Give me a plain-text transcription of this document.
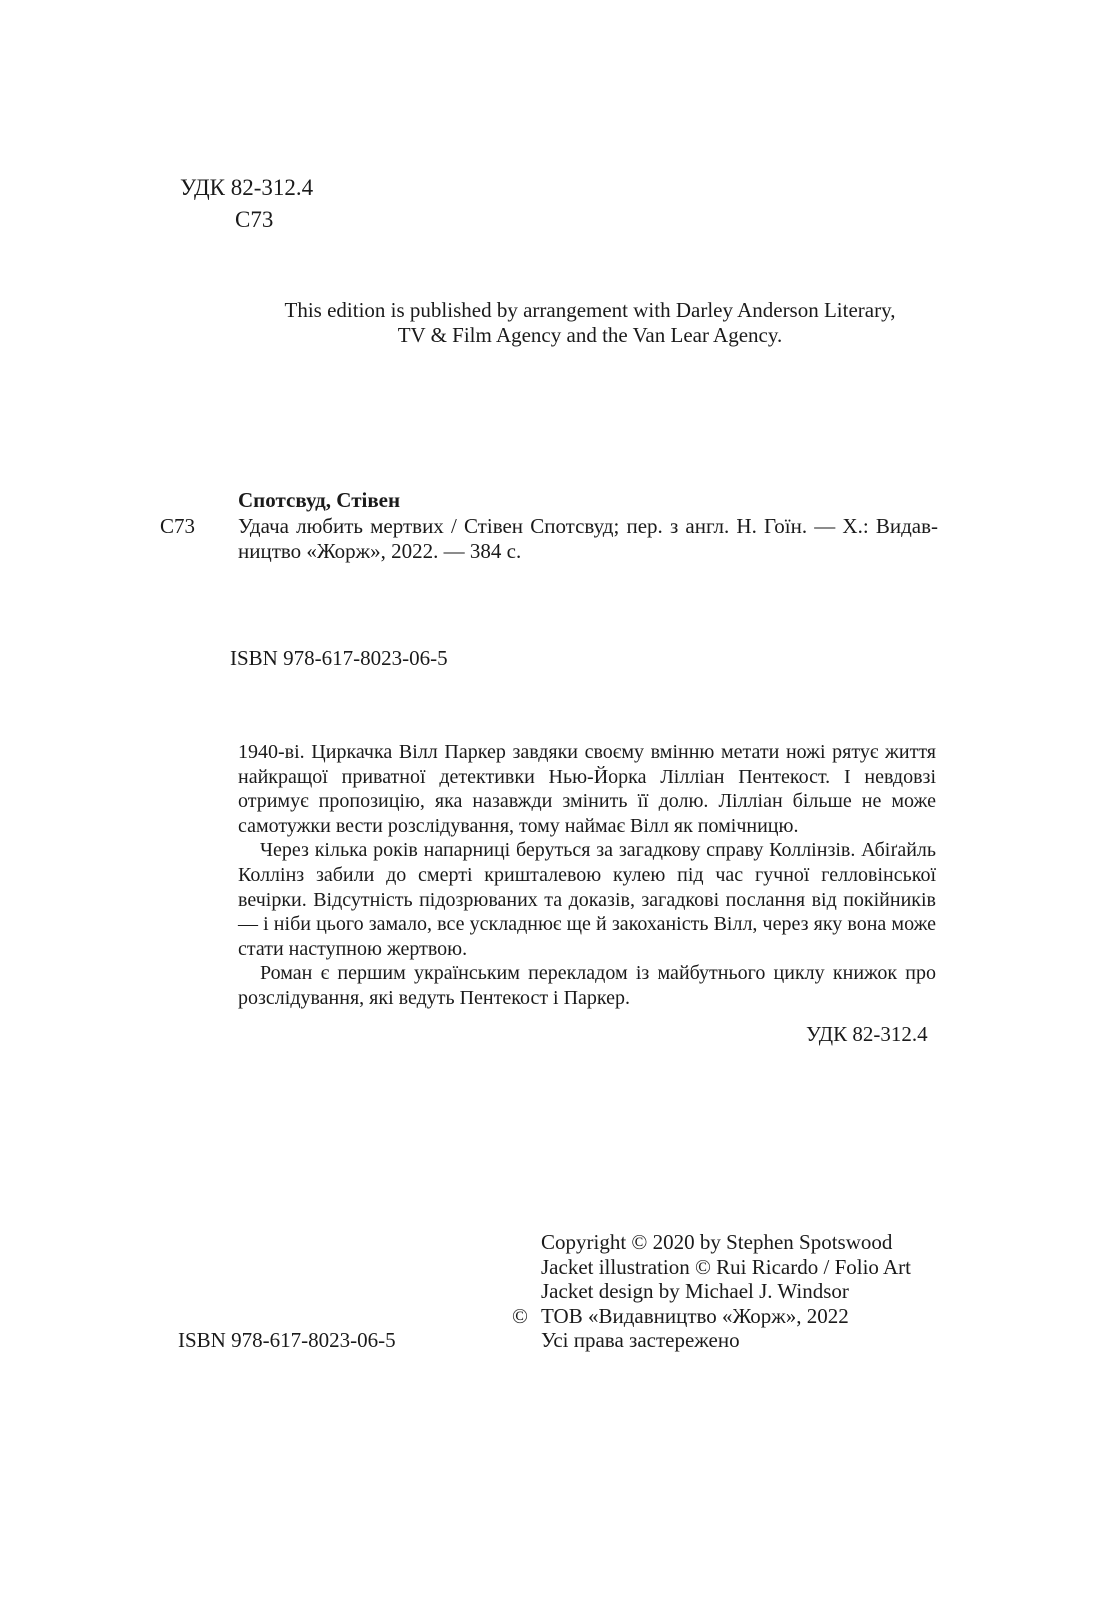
УДК 82-312.4
С73
This edition is published by arrangement with Darley Anderson Literary,
TV & Film Agency and the Van Lear Agency.
Спотсвуд, Стівен
С73 Удача любить мертвих / Стівен Спотсвуд; пер. з англ. Н. Гоїн. — Х.: Видавництво «Жорж», 2022. — 384 с.
ISBN 978-617-8023-06-5

1940-ві. Циркачка Вілл Паркер завдяки своєму вмінню метати ножі рятує життя найкращої приватної детективки Нью-Йорка Лілліан Пентекост. І невдовзі отримує пропозицію, яка назавжди змінить її долю. Лілліан більше не може самотужки вести розслідування, тому наймає Вілл як помічницю.

Через кілька років напарниці беруться за загадкову справу Коллінзів. Абіґайль Коллінз забили до смерті кришталевою кулею під час гучної гелловінської вечірки. Відсутність підозрюваних та доказів, загадкові послання від покійників — і ніби цього замало, все ускладнює ще й закоханість Вілл, через яку вона може стати наступною жертвою.

Роман є першим українським перекладом із майбутнього циклу книжок про розслідування, які ведуть Пентекост і Паркер.

УДК 82-312.4
©
Copyright © 2020 by Stephen Spotswood
Jacket illustration © Rui Ricardo / Folio Art
Jacket design by Michael J. Windsor
ТОВ «Видавництво «Жорж», 2022
Усі права застережено
ISBN 978-617-8023-06-5
